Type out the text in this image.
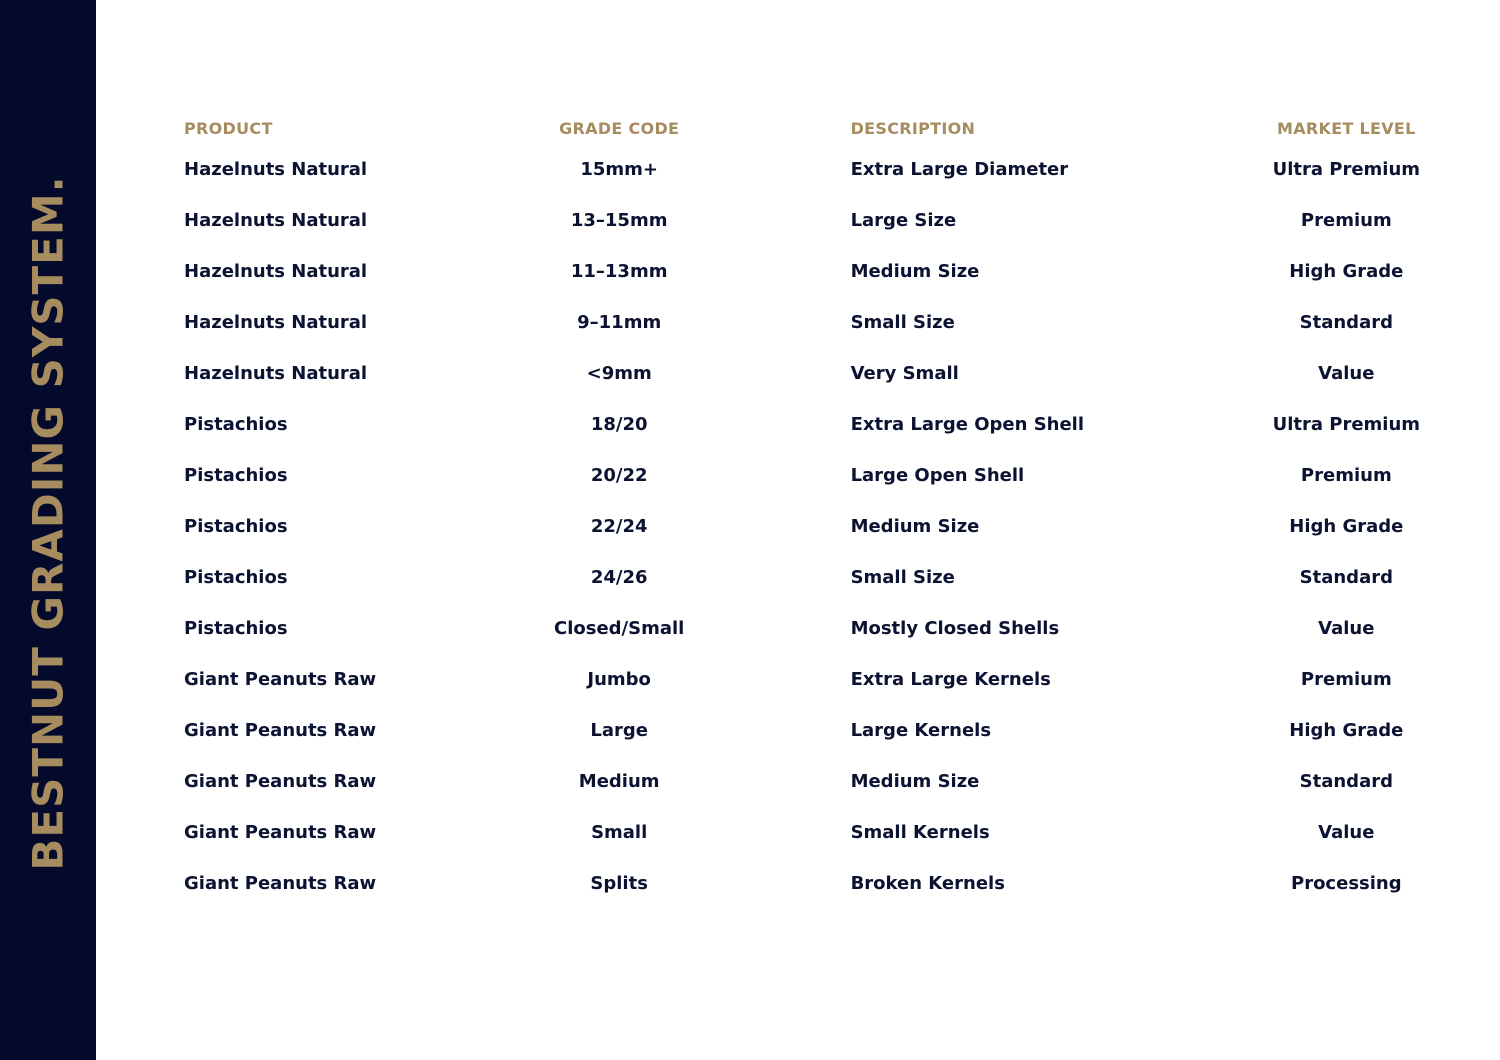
BESTNUT GRADING SYSTEM.
PRODUCT	GRADE CODE	DESCRIPTION	MARKET LEVEL
Hazelnuts Natural	15mm+	Extra Large Diameter	Ultra Premium
Hazelnuts Natural	13–15mm	Large Size	Premium
Hazelnuts Natural	11–13mm	Medium Size	High Grade
Hazelnuts Natural	9–11mm	Small Size	Standard
Hazelnuts Natural	<9mm	Very Small	Value
Pistachios	18/20	Extra Large Open Shell	Ultra Premium
Pistachios	20/22	Large Open Shell	Premium
Pistachios	22/24	Medium Size	High Grade
Pistachios	24/26	Small Size	Standard
Pistachios	Closed/Small	Mostly Closed Shells	Value
Giant Peanuts Raw	Jumbo	Extra Large Kernels	Premium
Giant Peanuts Raw	Large	Large Kernels	High Grade
Giant Peanuts Raw	Medium	Medium Size	Standard
Giant Peanuts Raw	Small	Small Kernels	Value
Giant Peanuts Raw	Splits	Broken Kernels	Processing
